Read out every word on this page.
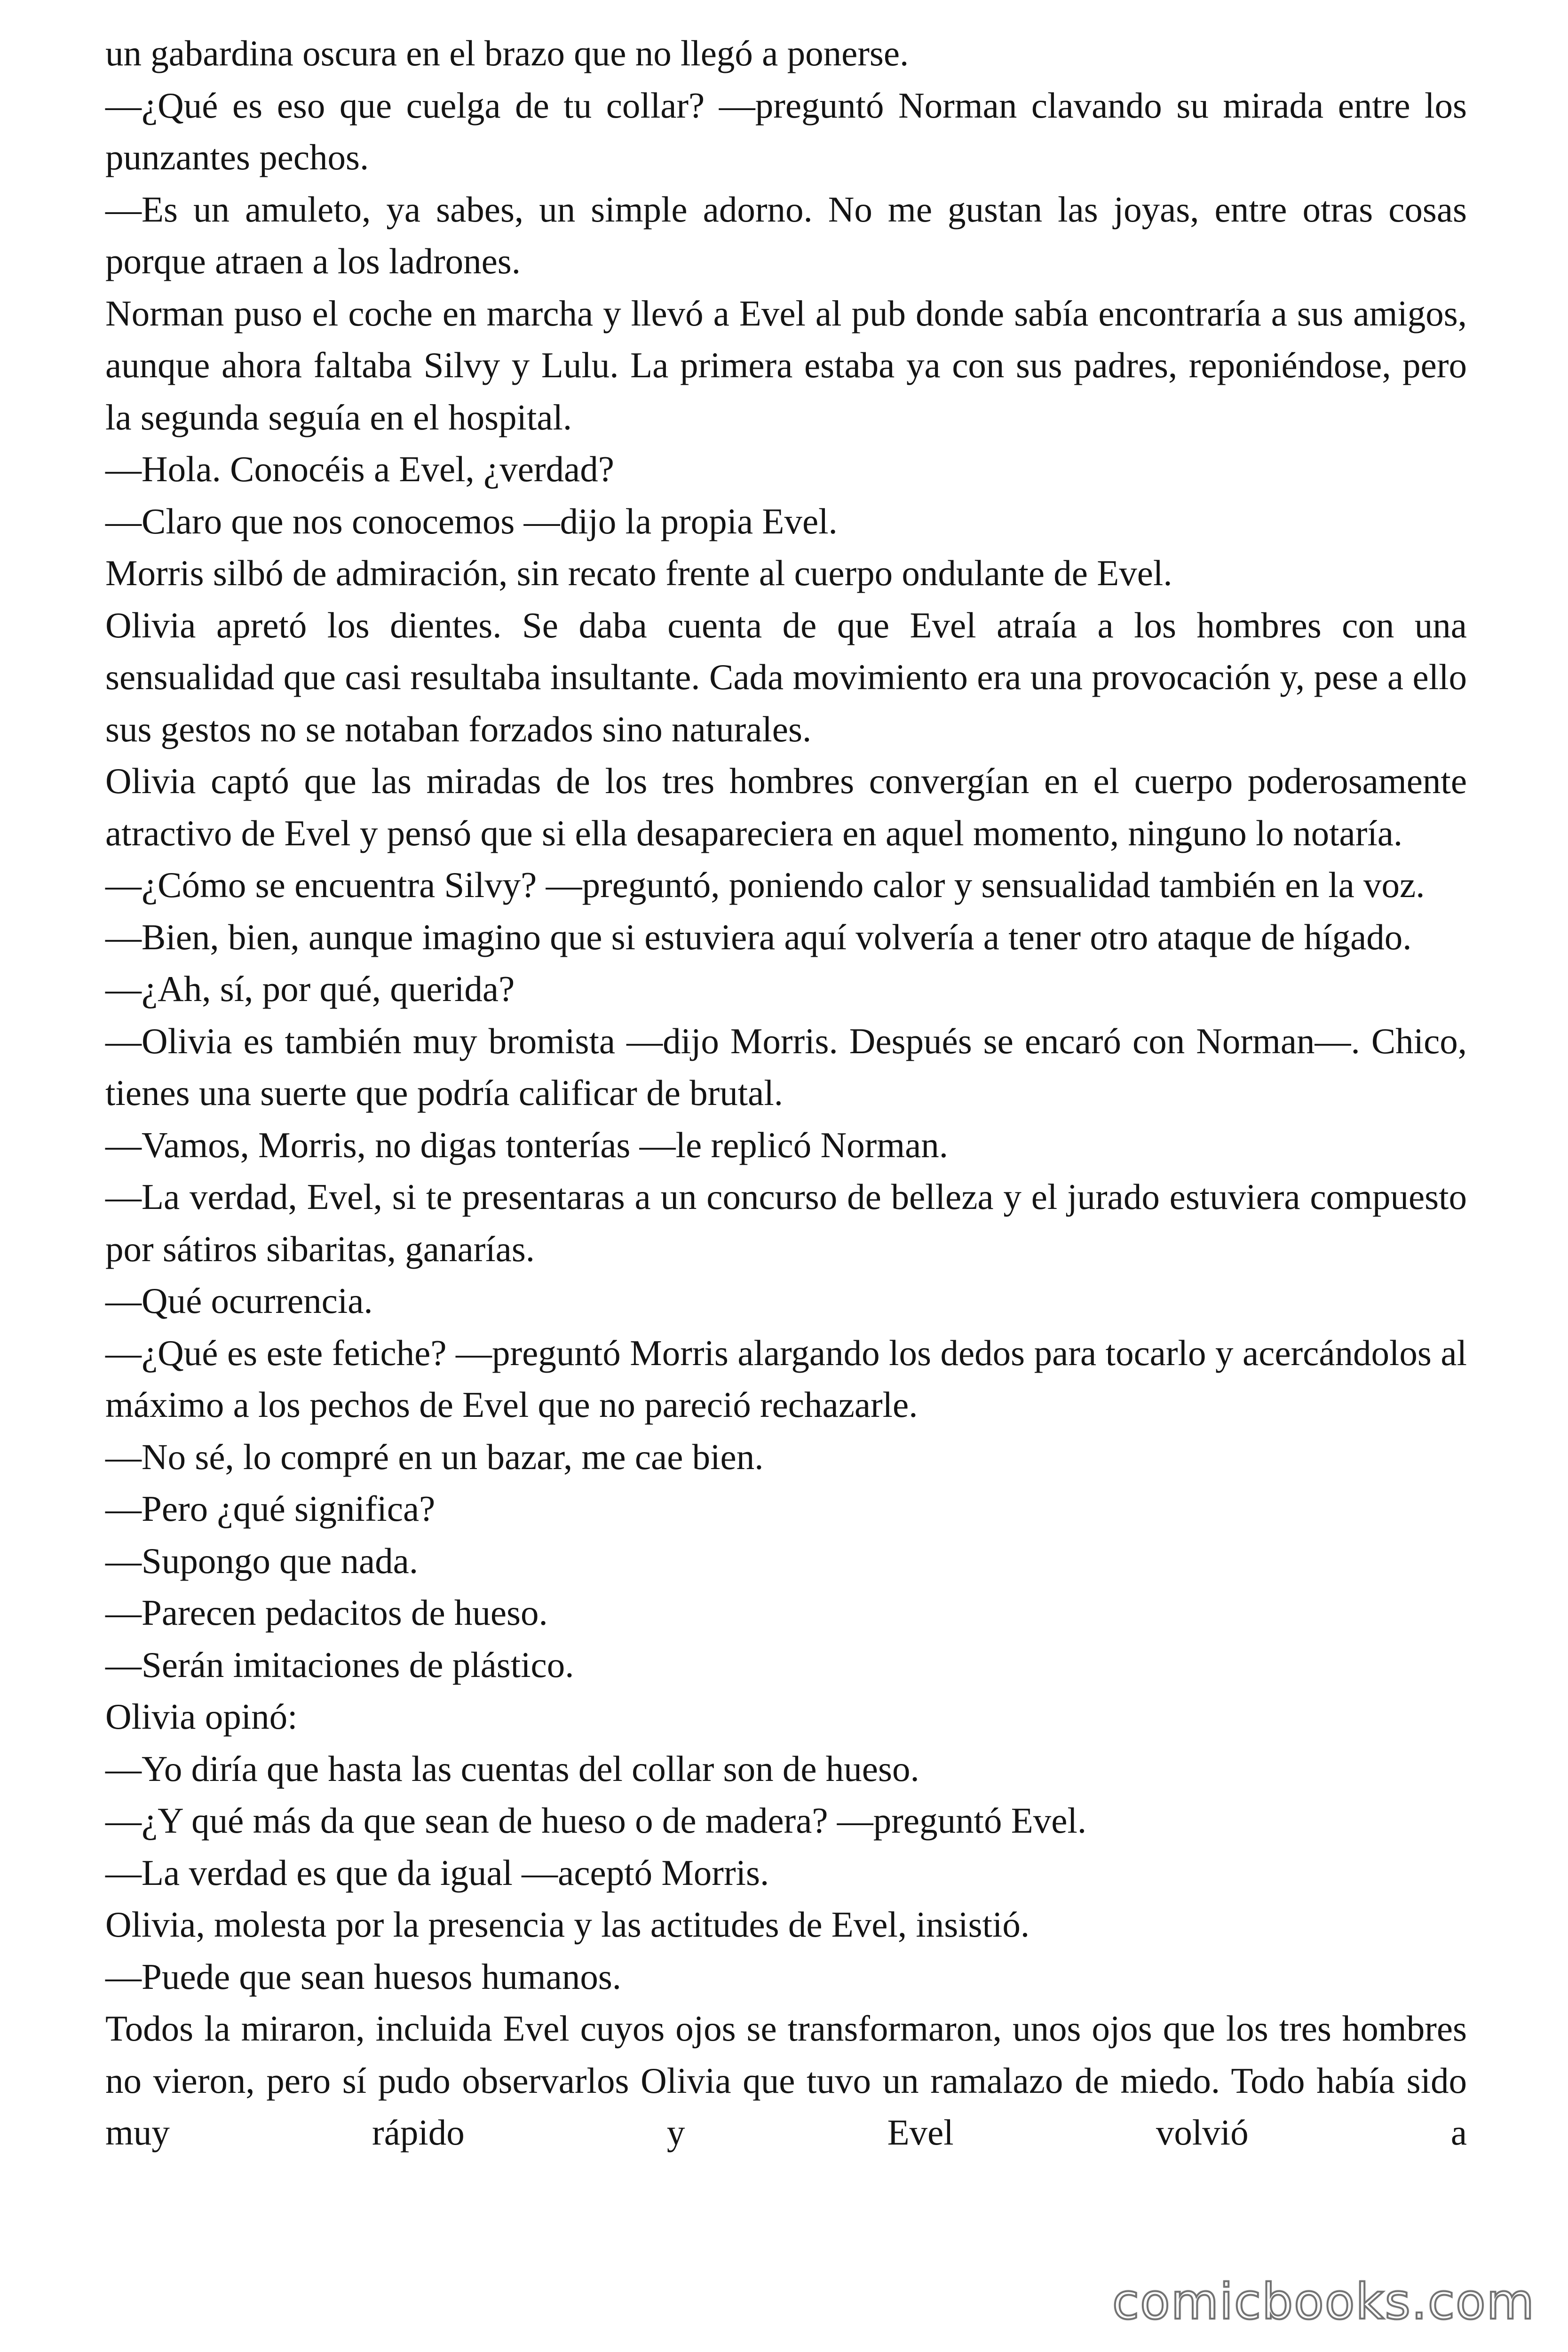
un gabardina oscura en el brazo que no llegó a ponerse.

—¿Qué es eso que cuelga de tu collar? —preguntó Norman clavando su mirada entre los punzantes pechos.

—Es un amuleto, ya sabes, un simple adorno. No me gustan las joyas, entre otras cosas porque atraen a los ladrones.

Norman puso el coche en marcha y llevó a Evel al pub donde sabía encontraría a sus amigos, aunque ahora faltaba Silvy y Lulu. La primera estaba ya con sus padres, reponiéndose, pero la segunda seguía en el hospital.

—Hola. Conocéis a Evel, ¿verdad?

—Claro que nos conocemos —dijo la propia Evel.

Morris silbó de admiración, sin recato frente al cuerpo ondulante de Evel.

Olivia apretó los dientes. Se daba cuenta de que Evel atraía a los hombres con una sensualidad que casi resultaba insultante. Cada movimiento era una provocación y, pese a ello sus gestos no se notaban forzados sino naturales.

Olivia captó que las miradas de los tres hombres convergían en el cuerpo poderosamente atractivo de Evel y pensó que si ella desapareciera en aquel momento, ninguno lo notaría.

—¿Cómo se encuentra Silvy? —preguntó, poniendo calor y sensualidad también en la voz.

—Bien, bien, aunque imagino que si estuviera aquí volvería a tener otro ataque de hígado.

—¿Ah, sí, por qué, querida?

—Olivia es también muy bromista —dijo Morris. Después se encaró con Norman—. Chico, tienes una suerte que podría calificar de brutal.

—Vamos, Morris, no digas tonterías —le replicó Norman.

—La verdad, Evel, si te presentaras a un concurso de belleza y el jurado estuviera compuesto por sátiros sibaritas, ganarías.

—Qué ocurrencia.

—¿Qué es este fetiche? —preguntó Morris alargando los dedos para tocarlo y acercándolos al máximo a los pechos de Evel que no pareció rechazarle.

—No sé, lo compré en un bazar, me cae bien.

—Pero ¿qué significa?

—Supongo que nada.

—Parecen pedacitos de hueso.

—Serán imitaciones de plástico.

Olivia opinó:

—Yo diría que hasta las cuentas del collar son de hueso.

—¿Y qué más da que sean de hueso o de madera? —preguntó Evel.

—La verdad es que da igual —aceptó Morris.

Olivia, molesta por la presencia y las actitudes de Evel, insistió.

—Puede que sean huesos humanos.

Todos la miraron, incluida Evel cuyos ojos se transformaron, unos ojos que los tres hombres no vieron, pero sí pudo observarlos Olivia que tuvo un ramalazo de miedo. Todo había sido muy rápido y Evel volvió a

comicbooks.com
